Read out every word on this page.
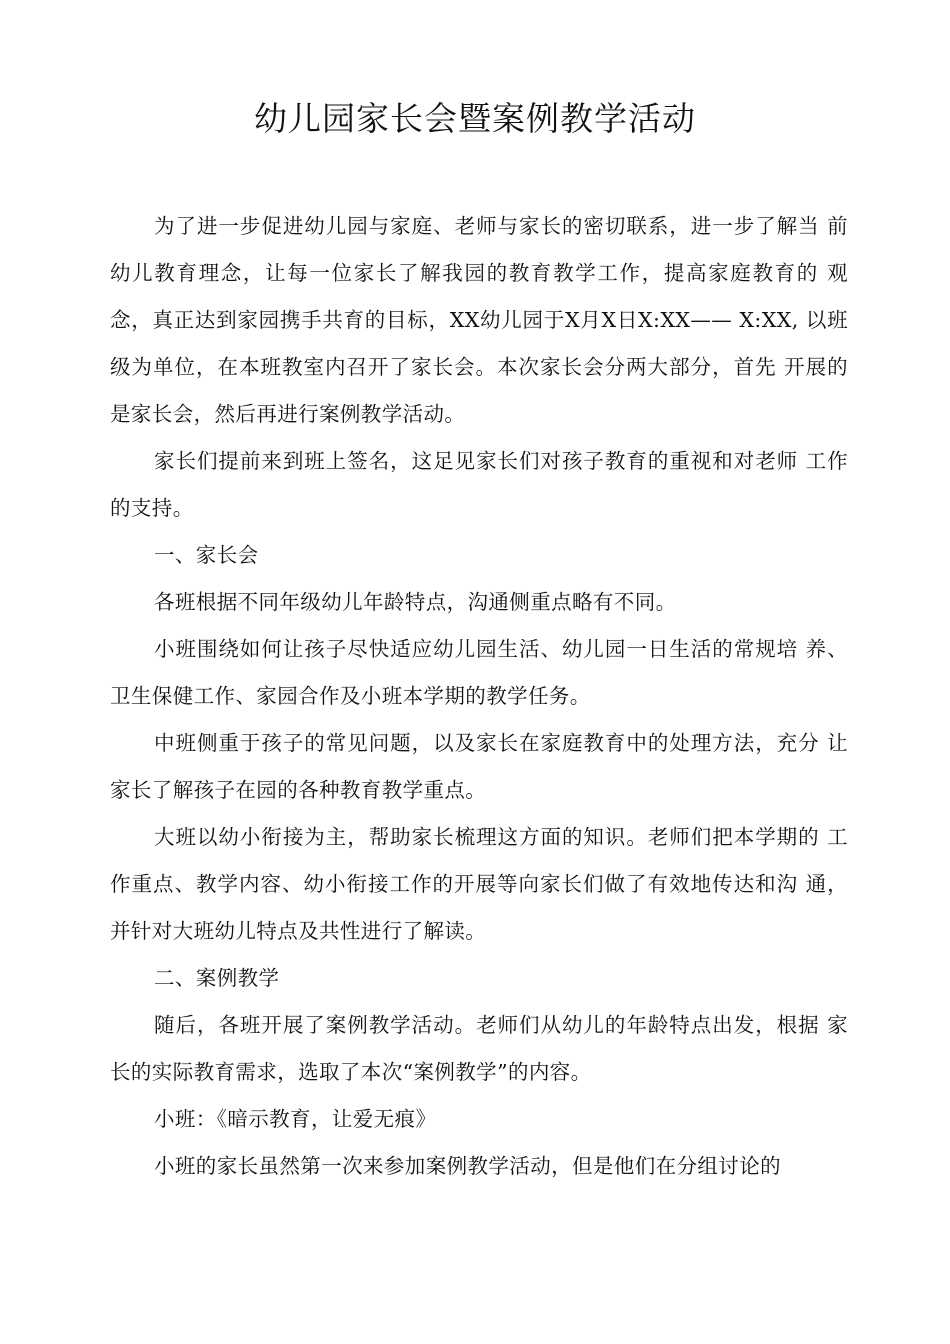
幼儿园家长会暨案例教学活动

为了进一步促进幼儿园与家庭、老师与家长的密切联系，进一步了解当 前幼儿教育理念，让每一位家长了解我园的教育教学工作，提高家庭教育的 观念，真正达到家园携手共育的目标，XX幼儿园于X月X日X:XX—— X:XX, 以班级为单位，在本班教室内召开了家长会。本次家长会分两大部分，首先 开展的是家长会，然后再进行案例教学活动。

家长们提前来到班上签名，这足见家长们对孩子教育的重视和对老师 工作的支持。

一、家长会

各班根据不同年级幼儿年龄特点，沟通侧重点略有不同。

小班围绕如何让孩子尽快适应幼儿园生活、幼儿园一日生活的常规培 养、卫生保健工作、家园合作及小班本学期的教学任务。

中班侧重于孩子的常见问题，以及家长在家庭教育中的处理方法，充分 让家长了解孩子在园的各种教育教学重点。

大班以幼小衔接为主，帮助家长梳理这方面的知识。老师们把本学期的 工作重点、教学内容、幼小衔接工作的开展等向家长们做了有效地传达和沟 通，并针对大班幼儿特点及共性进行了解读。

二、案例教学

随后，各班开展了案例教学活动。老师们从幼儿的年龄特点出发，根据 家长的实际教育需求，选取了本次“案例教学”的内容。

小班：《暗示教育，让爱无痕》

小班的家长虽然第一次来参加案例教学活动，但是他们在分组讨论的
